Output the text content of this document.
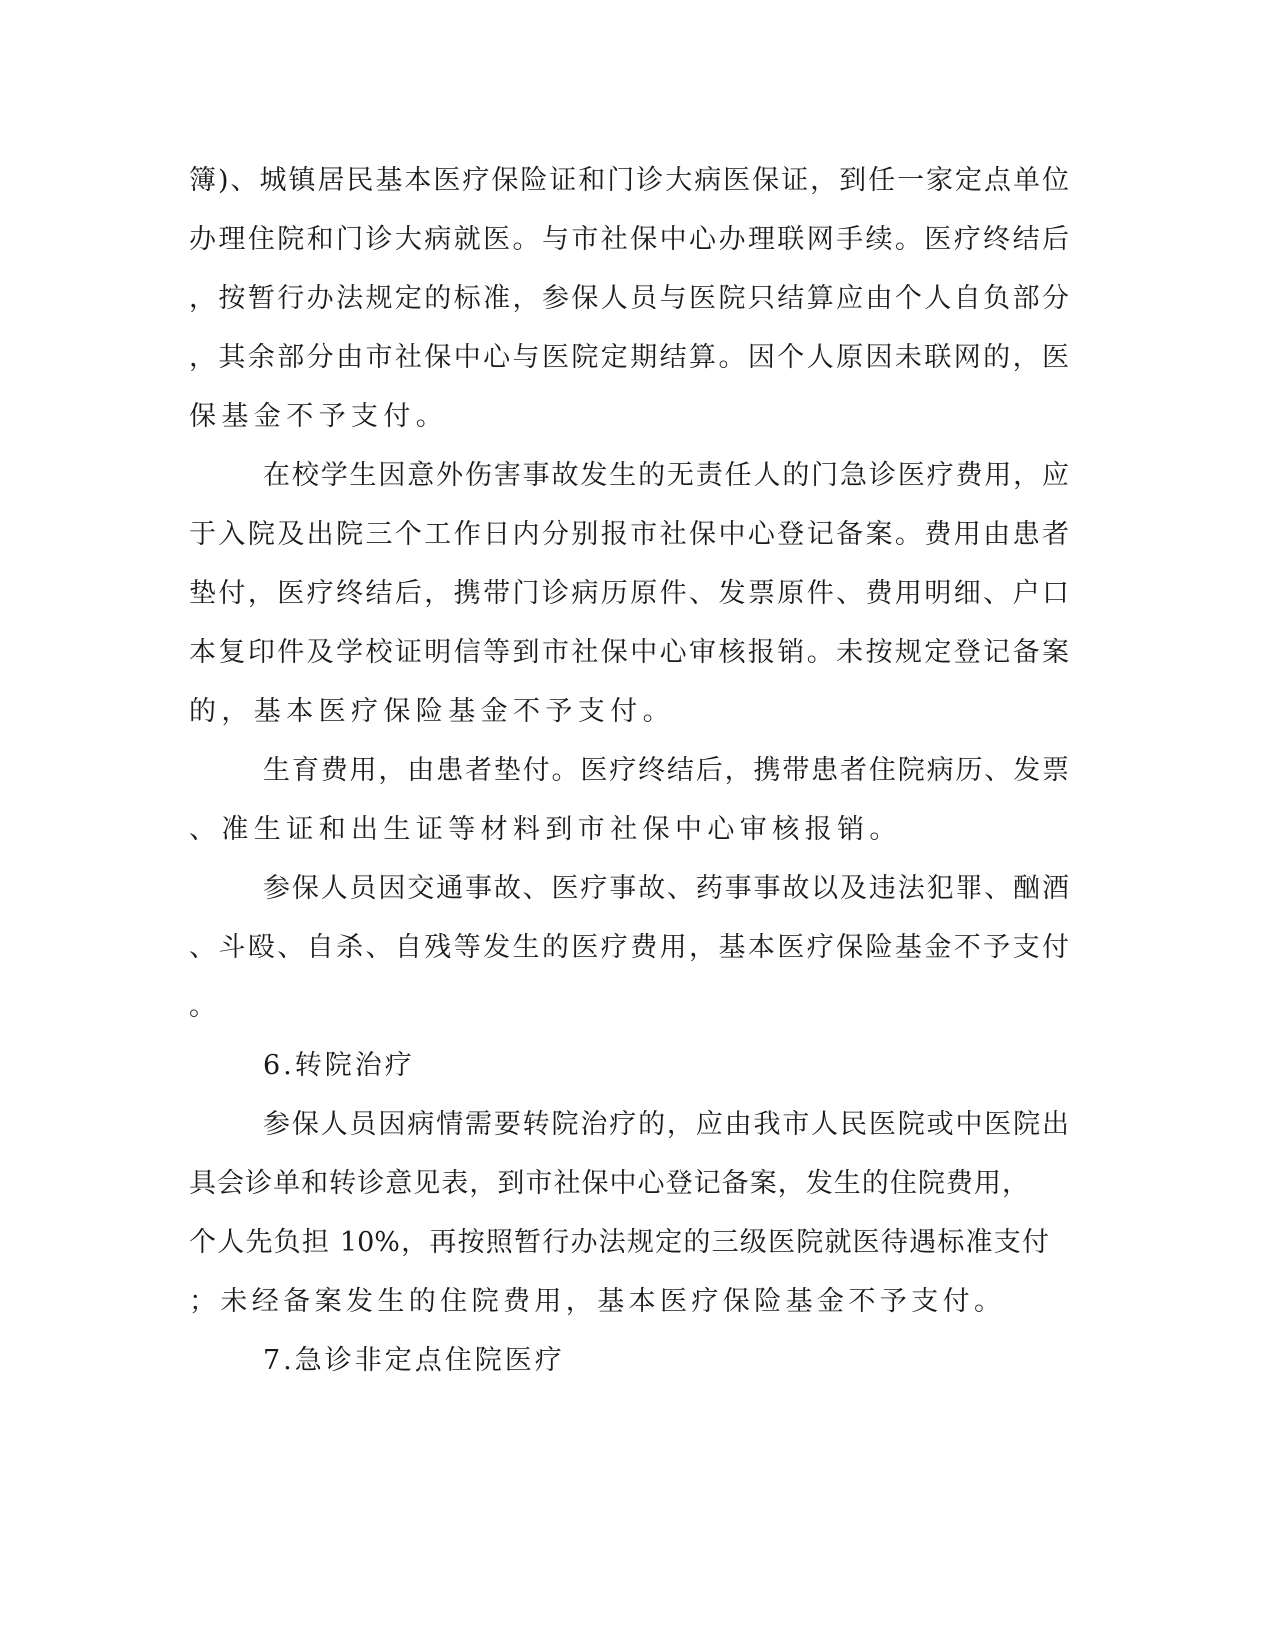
簿)、城镇居民基本医疗保险证和门诊大病医保证，到任一家定点单位
办理住院和门诊大病就医。与市社保中心办理联网手续。医疗终结后
，按暂行办法规定的标准，参保人员与医院只结算应由个人自负部分
，其余部分由市社保中心与医院定期结算。因个人原因未联网的，医
保基金不予支付。
在校学生因意外伤害事故发生的无责任人的门急诊医疗费用，应
于入院及出院三个工作日内分别报市社保中心登记备案。费用由患者
垫付，医疗终结后，携带门诊病历原件、发票原件、费用明细、户口
本复印件及学校证明信等到市社保中心审核报销。未按规定登记备案
的，基本医疗保险基金不予支付。
生育费用，由患者垫付。医疗终结后，携带患者住院病历、发票
、准生证和出生证等材料到市社保中心审核报销。
参保人员因交通事故、医疗事故、药事事故以及违法犯罪、酗酒
、斗殴、自杀、自残等发生的医疗费用，基本医疗保险基金不予支付
。
6.转院治疗
参保人员因病情需要转院治疗的，应由我市人民医院或中医院出
具会诊单和转诊意见表，到市社保中心登记备案，发生的住院费用，
个人先负担 10%，再按照暂行办法规定的三级医院就医待遇标准支付
；未经备案发生的住院费用，基本医疗保险基金不予支付。
7.急诊非定点住院医疗
